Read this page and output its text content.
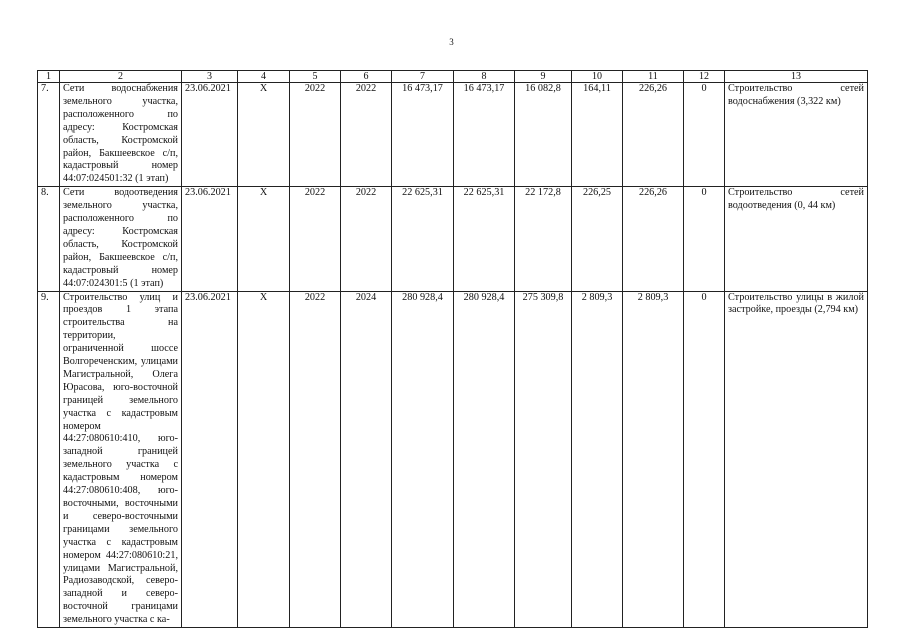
3
1	2	3	4	5	6	7	8	9	10	11	12	13
7.	Сети водоснабжения земельного участка, расположенного по адресу: Костромская область, Костромской район, Бакшеевское с/п, кадастровый номер 44:07:024501:32 (1 этап)	23.06.2021	Х	2022	2022	16 473,17	16 473,17	16 082,8	164,11	226,26	0	Строительство сетей водоснабжения (3,322 км)
8.	Сети водоотведения земельного участка, расположенного по адресу: Костромская область, Костромской район, Бакшеевское с/п, кадастровый номер 44:07:024301:5 (1 этап)	23.06.2021	Х	2022	2022	22 625,31	22 625,31	22 172,8	226,25	226,26	0	Строительство сетей водоотведения (0, 44 км)
9.	Строительство улиц и проездов 1 этапа строительства на территории, ограниченной шоссе Волгореченским, улицами Магистральной, Олега Юрасова, юго-восточной границей земельного участка с кадастровым номером 44:27:080610:410, юго-западной границей земельного участка с кадастровым номером 44:27:080610:408, юго-восточными, восточными и северо-восточными границами земельного участка с кадастровым номером 44:27:080610:21, улицами Магистральной, Радиозаводской, северо-западной и северо-восточной границами земельного участка с ка-	23.06.2021	Х	2022	2024	280 928,4	280 928,4	275 309,8	2 809,3	2 809,3	0	Строительство улицы в жилой застройке, проезды (2,794 км)
